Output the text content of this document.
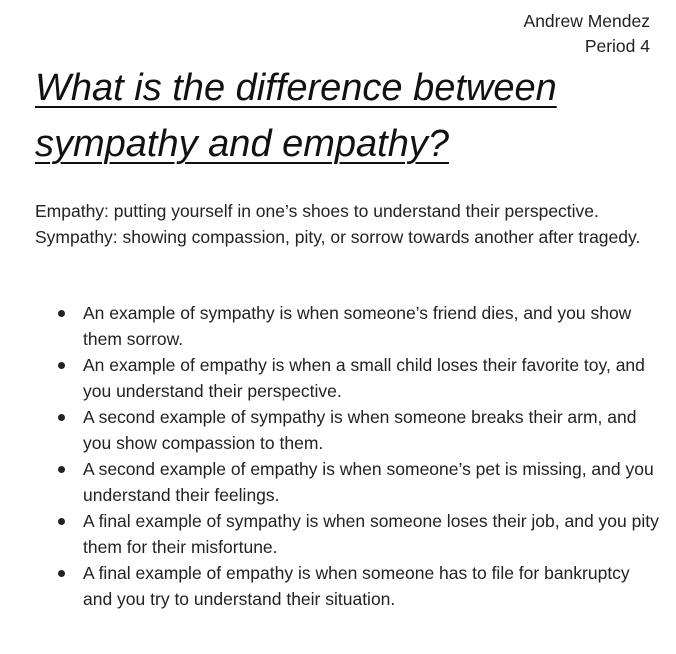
Andrew Mendez
Period 4
What is the difference between sympathy and empathy?

Empathy: putting yourself in one’s shoes to understand their perspective.

Sympathy: showing compassion, pity, or sorrow towards another after tragedy.

An example of sympathy is when someone’s friend dies, and you show them sorrow.
An example of empathy is when a small child loses their favorite toy, and you understand their perspective.
A second example of sympathy is when someone breaks their arm, and you show compassion to them.
A second example of empathy is when someone’s pet is missing, and you understand their feelings.
A final example of sympathy is when someone loses their job, and you pity them for their misfortune.
A final example of empathy is when someone has to file for bankruptcy and you try to understand their situation.
